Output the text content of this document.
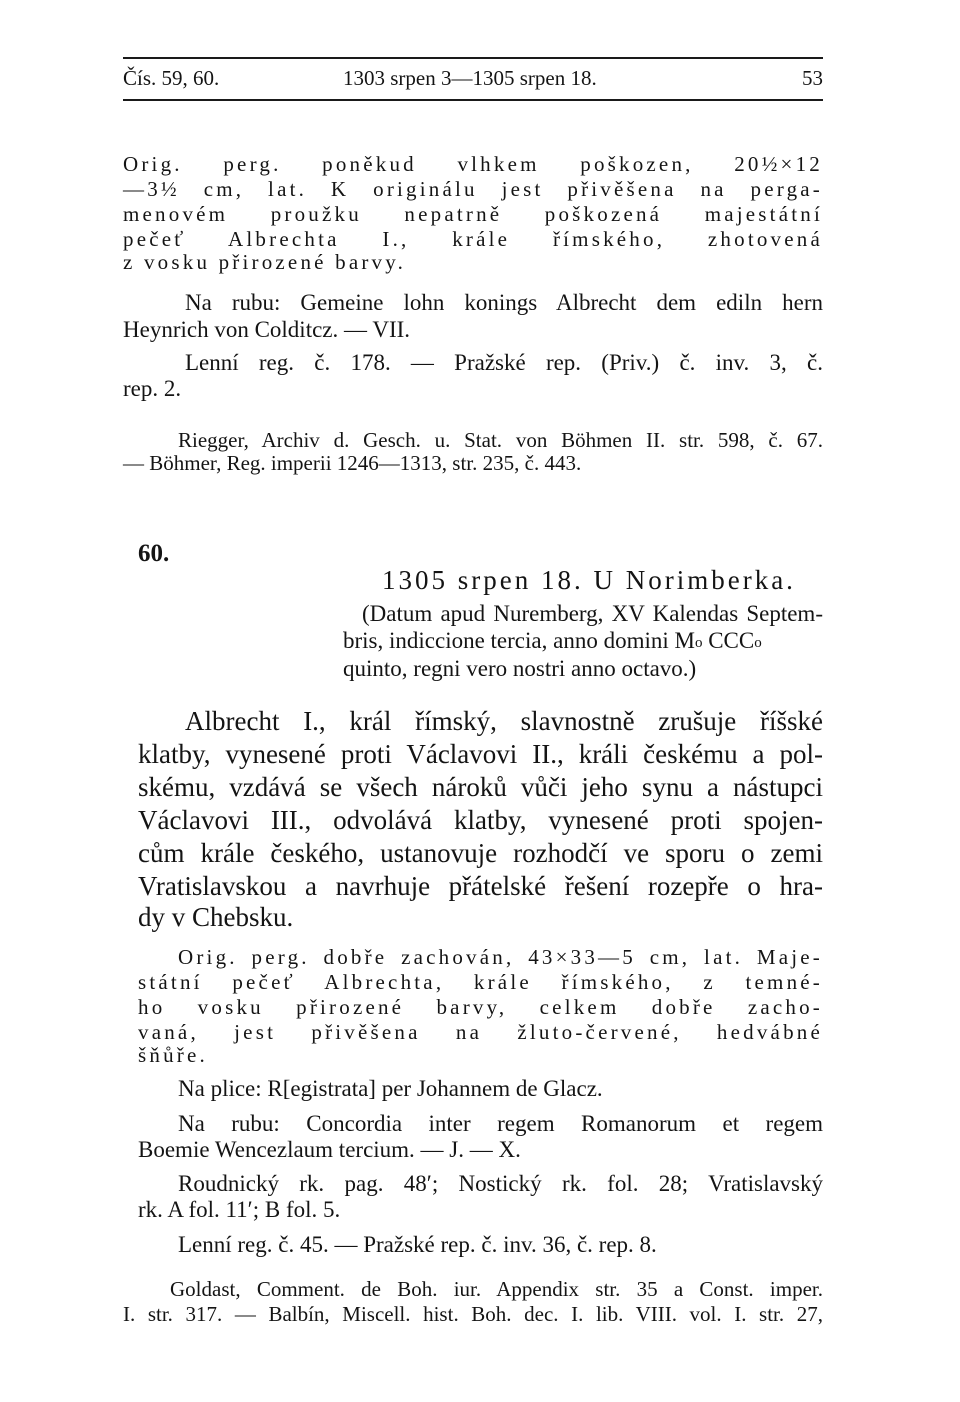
Čís. 59, 60.	1303 srpen 3—1305 srpen 18.	53
Orig. perg. poněkud vlhkem poškozen, 20½×12
—3½ cm, lat. K originálu jest přivěšena na perga-
menovém proužku nepatrně poškozená majestátní
pečeť Albrechta I., krále římského, zhotovená
z vosku přirozené barvy.
Na rubu: Gemeine lohn konings Albrecht dem ediln hern
Heynrich von Colditcz. — VII.
Lenní reg. č. 178. — Pražské rep. (Priv.) č. inv. 3, č.
rep. 2.
Riegger, Archiv d. Gesch. u. Stat. von Böhmen II. str. 598, č. 67.
— Böhmer, Reg. imperii 1246—1313, str. 235, č. 443.
60.
1305 srpen 18. U Norimberka.
(Datum apud Nuremberg, XV Kalendas Septem-
bris, indiccione tercia, anno domini Mo CCCo
quinto, regni vero nostri anno octavo.)
Albrecht I., král římský, slavnostně zrušuje říšské
klatby, vynesené proti Václavovi II., králi českému a pol-
skému, vzdává se všech nároků vůči jeho synu a nástupci
Václavovi III., odvolává klatby, vynesené proti spojen-
cům krále českého, ustanovuje rozhodčí ve sporu o zemi
Vratislavskou a navrhuje přátelské řešení rozepře o hra-
dy v Chebsku.
Orig. perg. dobře zachován, 43×33—5 cm, lat. Maje-
státní pečeť Albrechta, krále římského, z temné-
ho vosku přirozené barvy, celkem dobře zacho-
vaná, jest přivěšena na žluto-červené, hedvábné
šňůře.
Na plice: R[egistrata] per Johannem de Glacz.
Na rubu: Concordia inter regem Romanorum et regem
Boemie Wencezlaum tercium. — J. — X.
Roudnický rk. pag. 48′; Nostický rk. fol. 28; Vratislavský
rk. A fol. 11′; B fol. 5.
Lenní reg. č. 45. — Pražské rep. č. inv. 36, č. rep. 8.
Goldast, Comment. de Boh. iur. Appendix str. 35 a Const. imper.
I. str. 317. — Balbín, Miscell. hist. Boh. dec. I. lib. VIII. vol. I. str. 27,
